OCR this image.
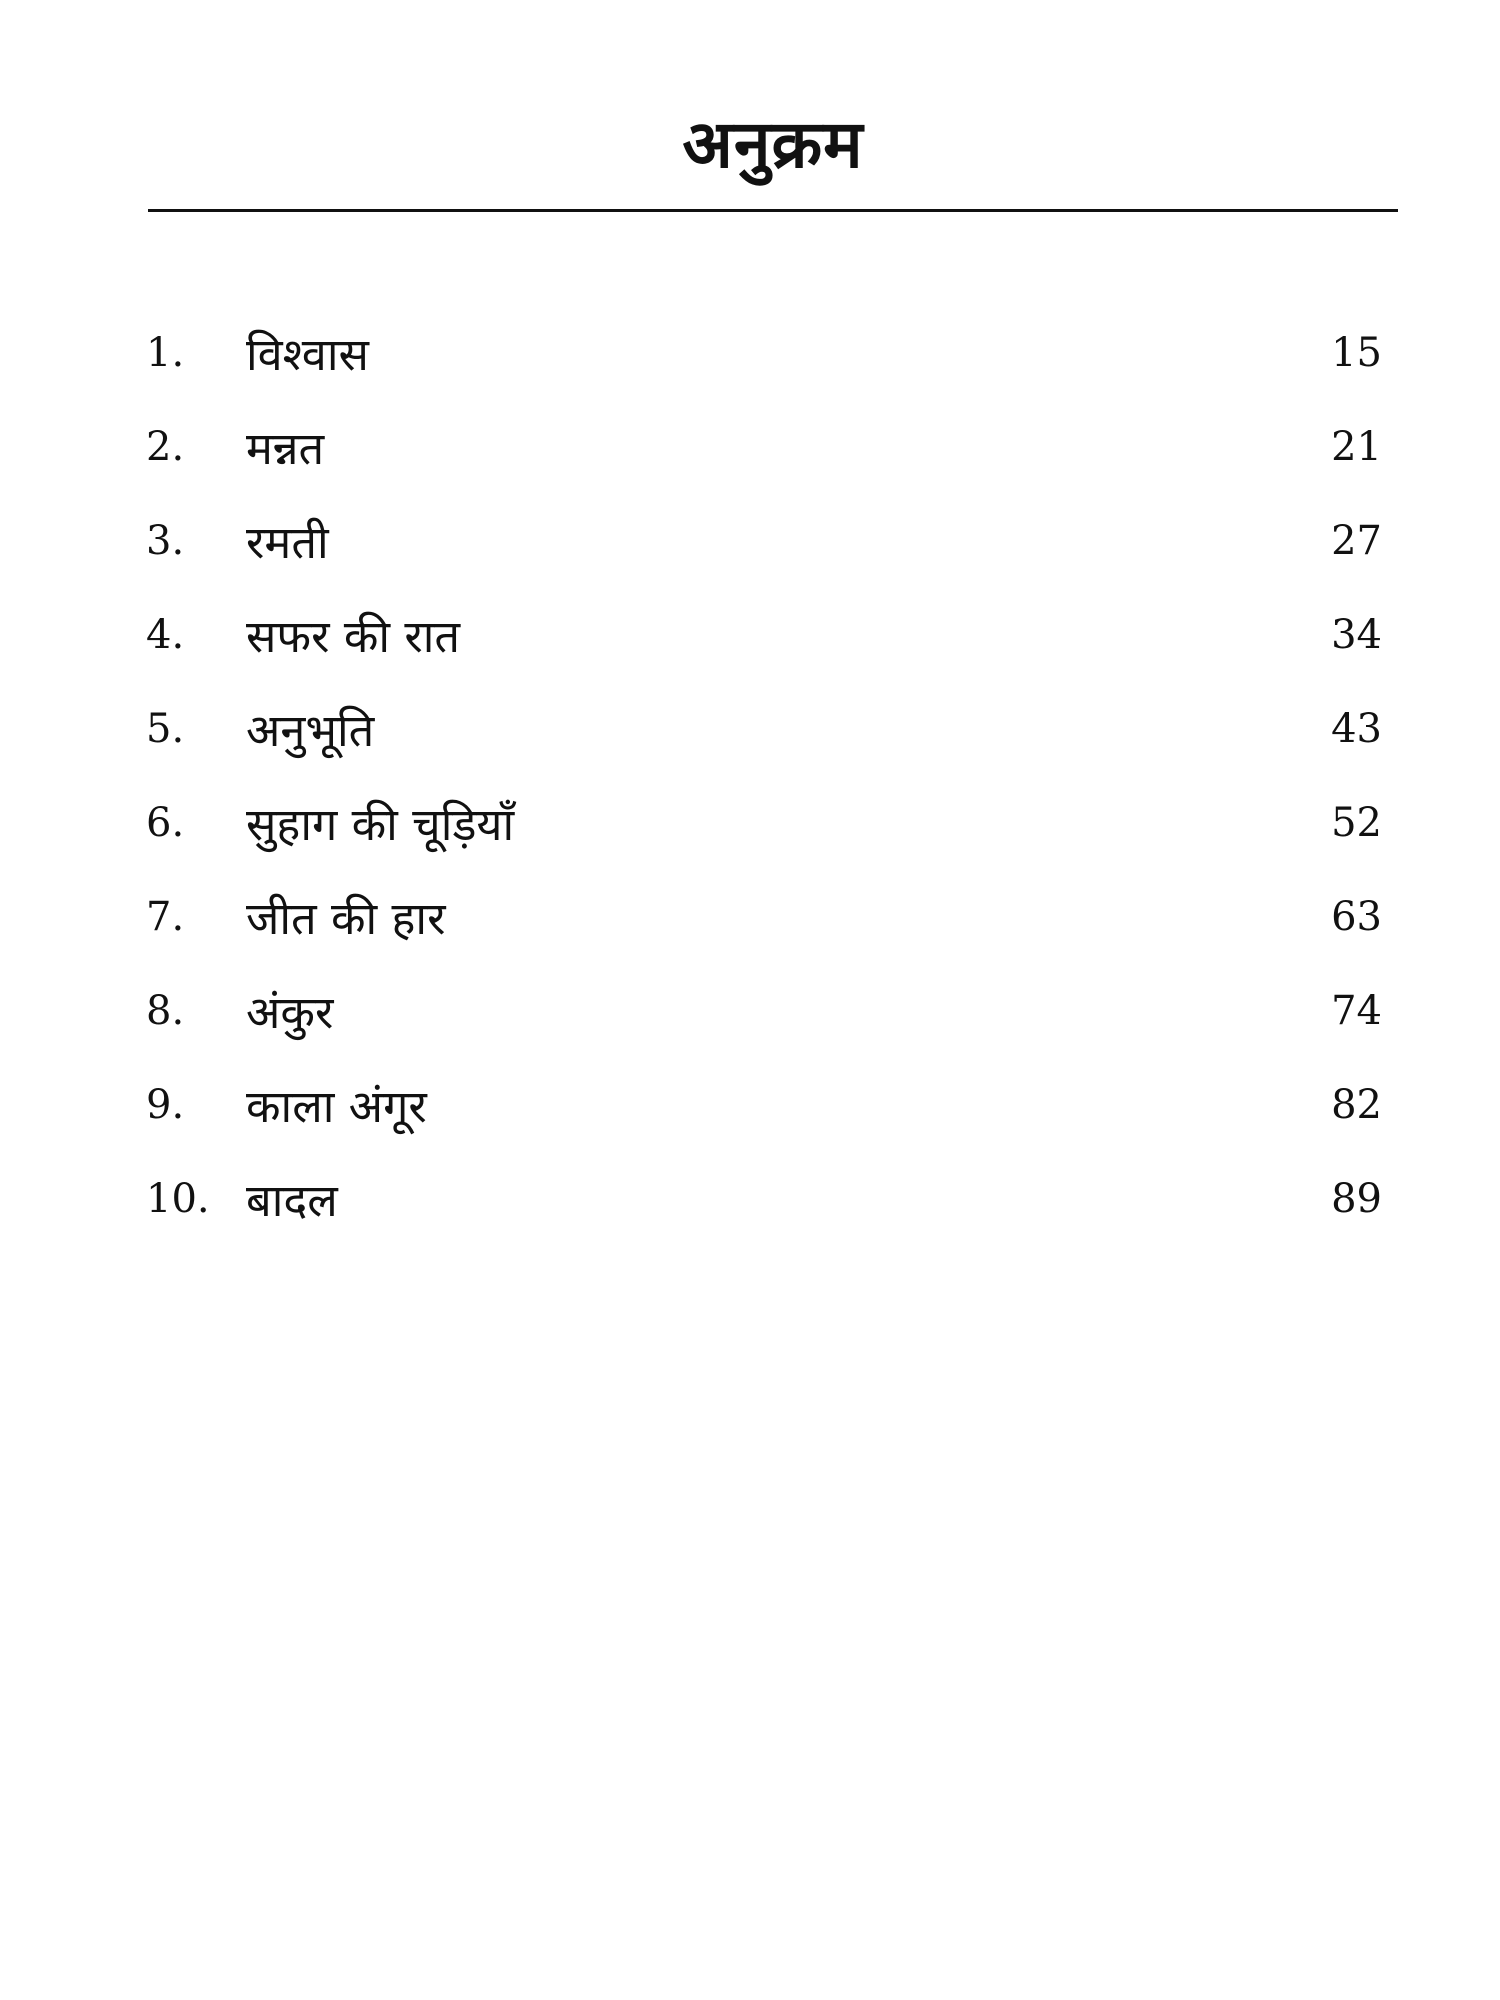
अनुक्रम
1.	विश्वास	15
2.	मन्नत	21
3.	रमती	27
4.	सफर की रात	34
5.	अनुभूति	43
6.	सुहाग की चूड़ियाँ	52
7.	जीत की हार	63
8.	अंकुर	74
9.	काला अंगूर	82
10. बादल	89
